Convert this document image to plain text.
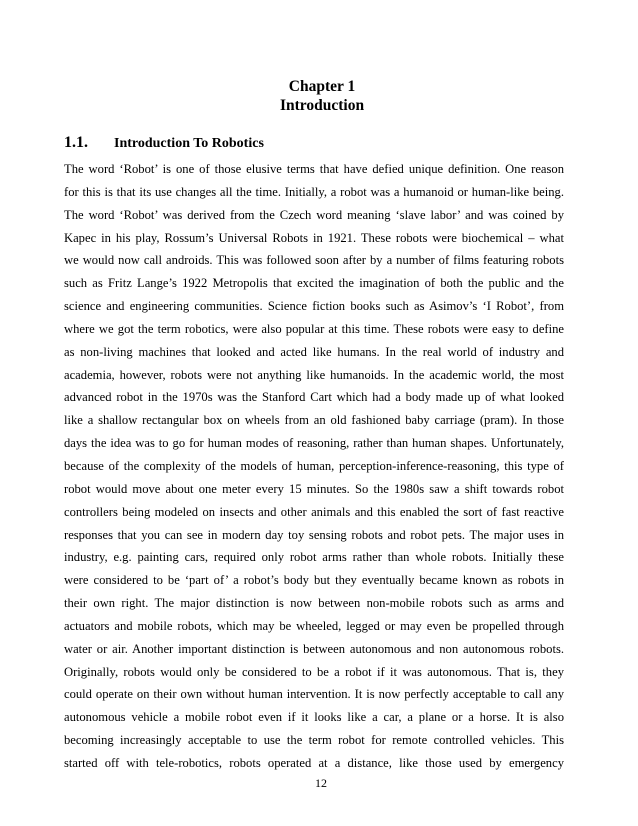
Chapter 1
Introduction
1.1. Introduction To Robotics
The word ‘Robot’ is one of those elusive terms that have defied unique definition. One reason
for this is that its use changes all the time. Initially, a robot was a humanoid or human-like being.
The word ‘Robot’ was derived from the Czech word meaning ‘slave labor’ and was coined by
Kapec in his play, Rossum’s Universal Robots in 1921. These robots were biochemical – what
we would now call androids. This was followed soon after by a number of films featuring robots
such as Fritz Lange’s 1922 Metropolis that excited the imagination of both the public and the
science and engineering communities. Science fiction books such as Asimov’s ‘I Robot’, from
where we got the term robotics, were also popular at this time. These robots were easy to define
as non-living machines that looked and acted like humans. In the real world of industry and
academia, however, robots were not anything like humanoids. In the academic world, the most
advanced robot in the 1970s was the Stanford Cart which had a body made up of what looked
like a shallow rectangular box on wheels from an old fashioned baby carriage (pram). In those
days the idea was to go for human modes of reasoning, rather than human shapes. Unfortunately,
because of the complexity of the models of human, perception-inference-reasoning, this type of
robot would move about one meter every 15 minutes. So the 1980s saw a shift towards robot
controllers being modeled on insects and other animals and this enabled the sort of fast reactive
responses that you can see in modern day toy sensing robots and robot pets. The major uses in
industry, e.g. painting cars, required only robot arms rather than whole robots. Initially these
were considered to be ‘part of’ a robot’s body but they eventually became known as robots in
their own right. The major distinction is now between non-mobile robots such as arms and
actuators and mobile robots, which may be wheeled, legged or may even be propelled through
water or air. Another important distinction is between autonomous and non autonomous robots.
Originally, robots would only be considered to be a robot if it was autonomous. That is, they
could operate on their own without human intervention. It is now perfectly acceptable to call any
autonomous vehicle a mobile robot even if it looks like a car, a plane or a horse. It is also
becoming increasingly acceptable to use the term robot for remote controlled vehicles. This
started off with tele-robotics, robots operated at a distance, like those used by emergency
12
